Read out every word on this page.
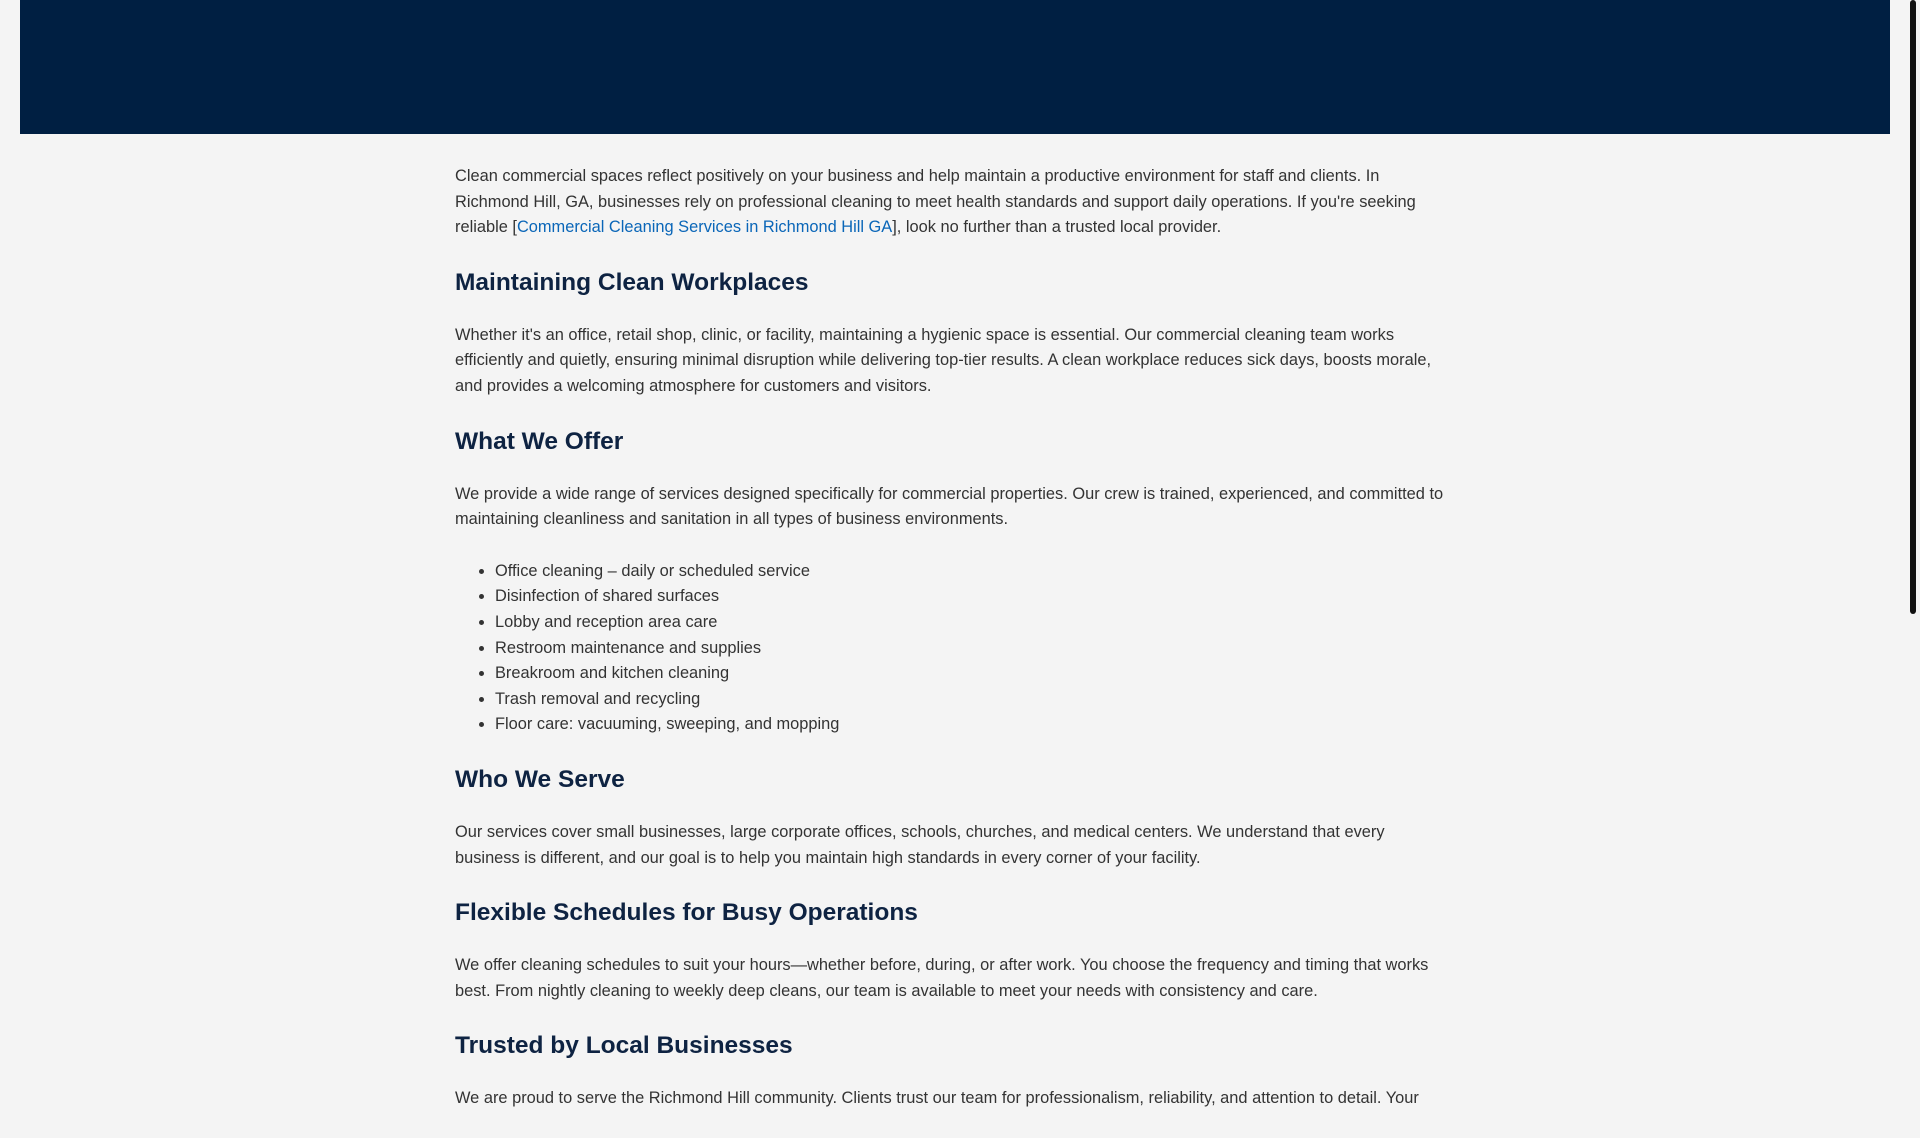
Clean commercial spaces reflect positively on your business and help maintain a productive environment for staff and clients. In Richmond Hill, GA, businesses rely on professional cleaning to meet health standards and support daily operations. If you're seeking reliable [Commercial Cleaning Services in Richmond Hill GA], look no further than a trusted local provider.

Maintaining Clean Workplaces

Whether it's an office, retail shop, clinic, or facility, maintaining a hygienic space is essential. Our commercial cleaning team works efficiently and quietly, ensuring minimal disruption while delivering top-tier results. A clean workplace reduces sick days, boosts morale, and provides a welcoming atmosphere for customers and visitors.

What We Offer

We provide a wide range of services designed specifically for commercial properties. Our crew is trained, experienced, and committed to maintaining cleanliness and sanitation in all types of business environments.

• Office cleaning – daily or scheduled service
• Disinfection of shared surfaces
• Lobby and reception area care
• Restroom maintenance and supplies
• Breakroom and kitchen cleaning
• Trash removal and recycling
• Floor care: vacuuming, sweeping, and mopping
Who We Serve

Our services cover small businesses, large corporate offices, schools, churches, and medical centers. We understand that every business is different, and our goal is to help you maintain high standards in every corner of your facility.

Flexible Schedules for Busy Operations

We offer cleaning schedules to suit your hours—whether before, during, or after work. You choose the frequency and timing that works best. From nightly cleaning to weekly deep cleans, our team is available to meet your needs with consistency and care.

Trusted by Local Businesses

We are proud to serve the Richmond Hill community. Clients trust our team for professionalism, reliability, and attention to detail. Your
